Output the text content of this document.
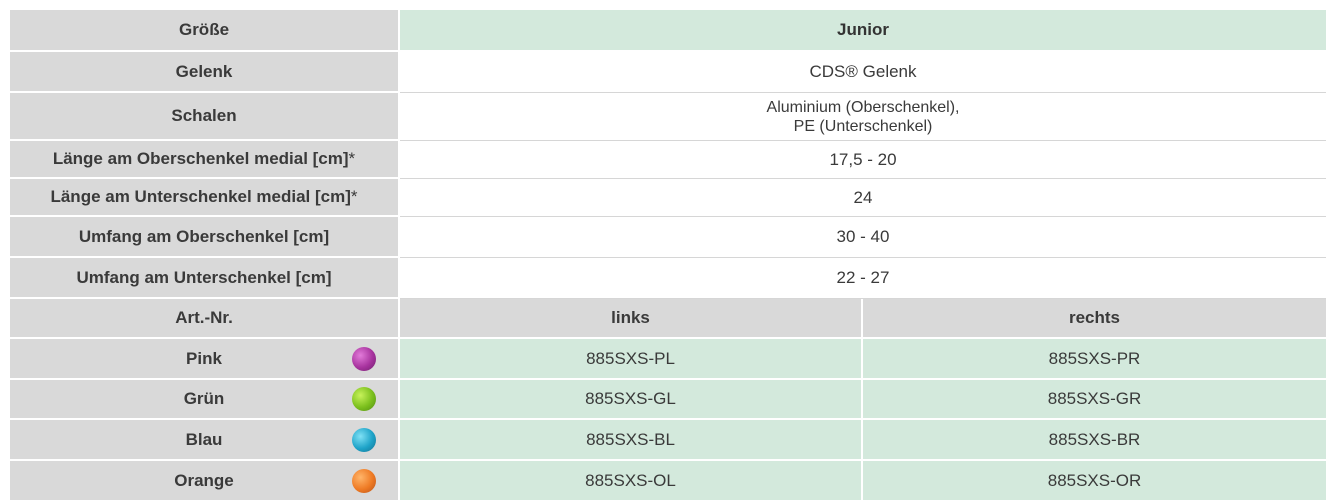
Größe	Junior	
Gelenk	CDS® Gelenk	
Schalen	Aluminium (Oberschenkel),
PE (Unterschenkel)	

Länge am Oberschenkel medial [cm]*	17,5 - 20	
Länge am Unterschenkel medial [cm]*	24	
Umfang am Oberschenkel [cm]	30 - 40	
Umfang am Unterschenkel [cm]	22 - 27	
Art.-Nr.	links	rechts

Pink	885SXS-PL	885SXS-PR

Grün	885SXS-GL	885SXS-GR

Blau	885SXS-BL	885SXS-BR

Orange	885SXS-OL	885SXS-OR
